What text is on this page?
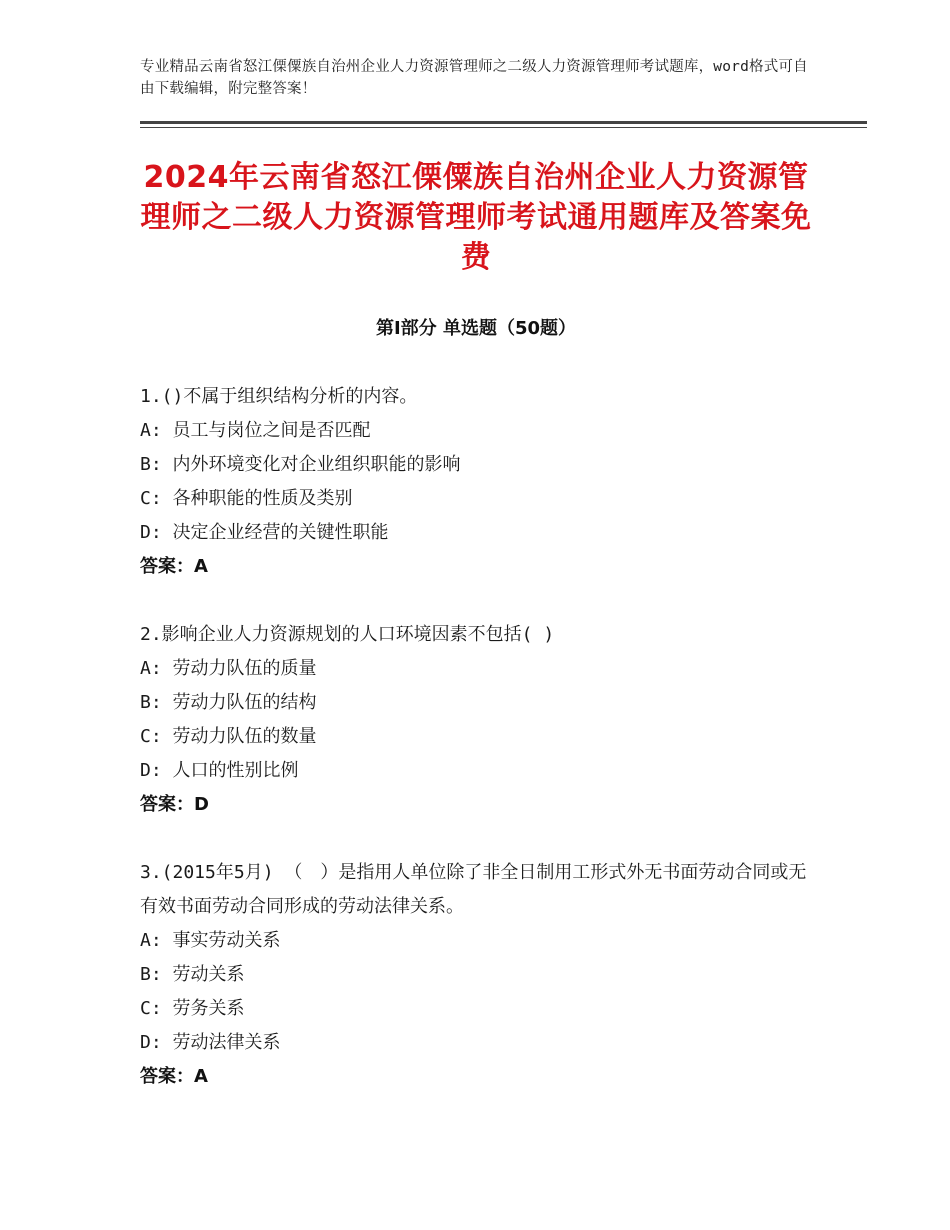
专业精品云南省怒江傈僳族自治州企业人力资源管理师之二级人力资源管理师考试题库，word格式可自由下载编辑，附完整答案！
2024年云南省怒江傈僳族自治州企业人力资源管理师之二级人力资源管理师考试通用题库及答案免费
第Ⅰ部分 单选题（50题）
1.()不属于组织结构分析的内容。
A: 员工与岗位之间是否匹配
B: 内外环境变化对企业组织职能的影响
C: 各种职能的性质及类别
D: 决定企业经营的关键性职能
答案：A
2.影响企业人力资源规划的人口环境因素不包括( )
A: 劳动力队伍的质量
B: 劳动力队伍的结构
C: 劳动力队伍的数量
D: 人口的性别比例
答案：D
3.(2015年5月) （　）是指用人单位除了非全日制用工形式外无书面劳动合同或无有效书面劳动合同形成的劳动法律关系。
A: 事实劳动关系
B: 劳动关系
C: 劳务关系
D: 劳动法律关系
答案：A
